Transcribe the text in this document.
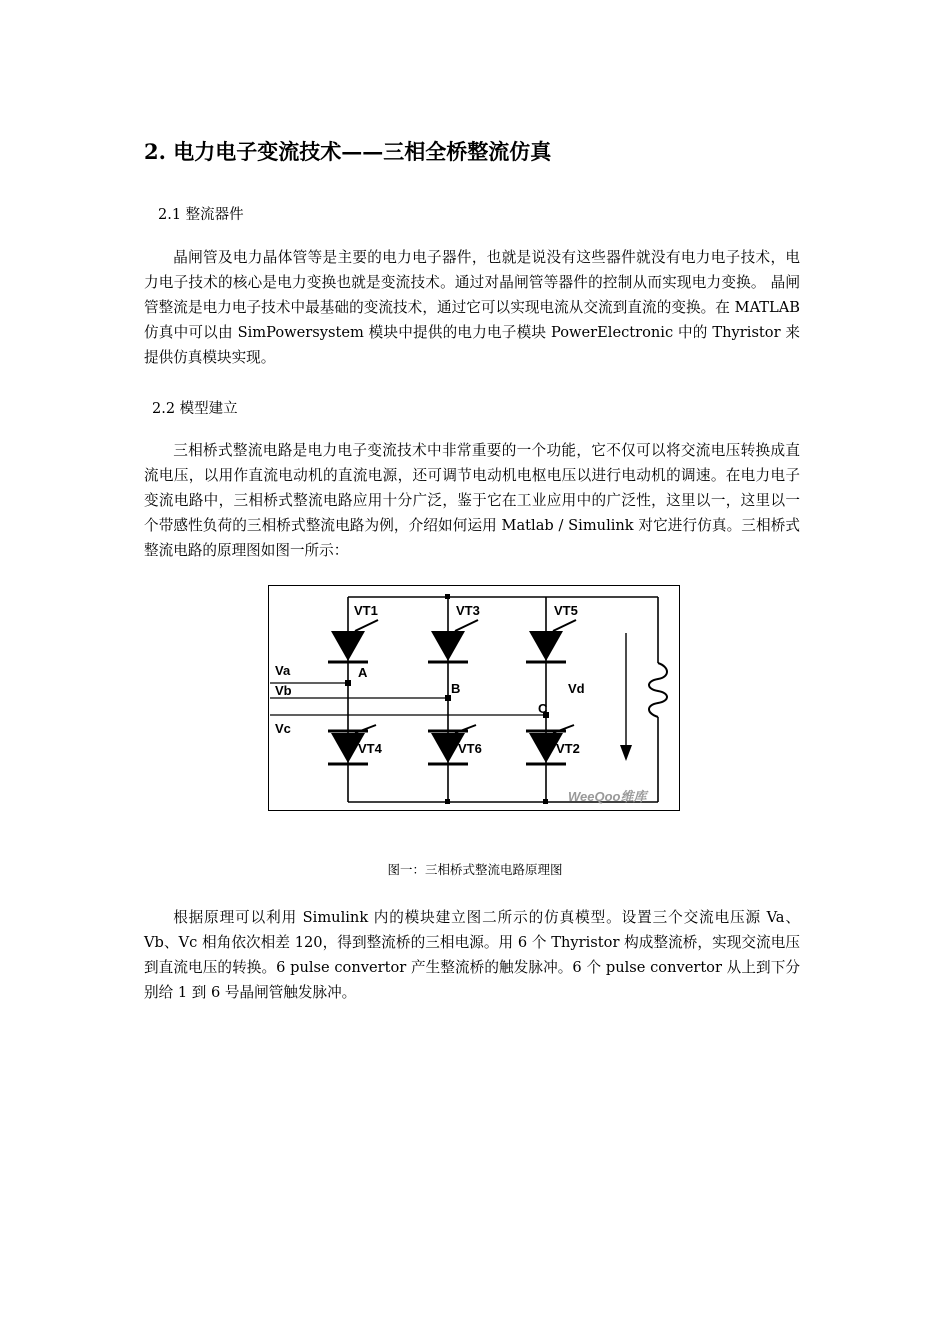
2. 电力电子变流技术——三相全桥整流仿真
2.1 整流器件
晶闸管及电力晶体管等是主要的电力电子器件，也就是说没有这些器件就没有电力电子技术，电力电子技术的核心是电力变换也就是变流技术。通过对晶闸管等器件的控制从而实现电力变换。 晶闸管整流是电力电子技术中最基础的变流技术，通过它可以实现电流从交流到直流的变换。在 MATLAB 仿真中可以由 SimPowersystem 模块中提供的电力电子模块 PowerElectronic 中的 Thyristor 来提供仿真模块实现。
2.2 模型建立
三相桥式整流电路是电力电子变流技术中非常重要的一个功能，它不仅可以将交流电压转换成直流电压，以用作直流电动机的直流电源，还可调节电动机电枢电压以进行电动机的调速。在电力电子变流电路中，三相桥式整流电路应用十分广泛，鉴于它在工业应用中的广泛性，这里以一，这里以一个带感性负荷的三相桥式整流电路为例，介绍如何运用 Matlab / Simulink 对它进行仿真。三相桥式整流电路的原理图如图一所示：
VT1	VT3	VT5
VT4	VT6	VT2
Va
Vb
Vc
A
B
C
Vd
WeeQoo维库
图一：三相桥式整流电路原理图
根据原理可以利用 Simulink 内的模块建立图二所示的仿真模型。设置三个交流电压源 Va、Vb、Vc 相角依次相差 120，得到整流桥的三相电源。用 6 个 Thyristor 构成整流桥，实现交流电压到直流电压的转换。6 pulse convertor 产生整流桥的触发脉冲。6 个 pulse convertor 从上到下分别给 1 到 6 号晶闸管触发脉冲。
